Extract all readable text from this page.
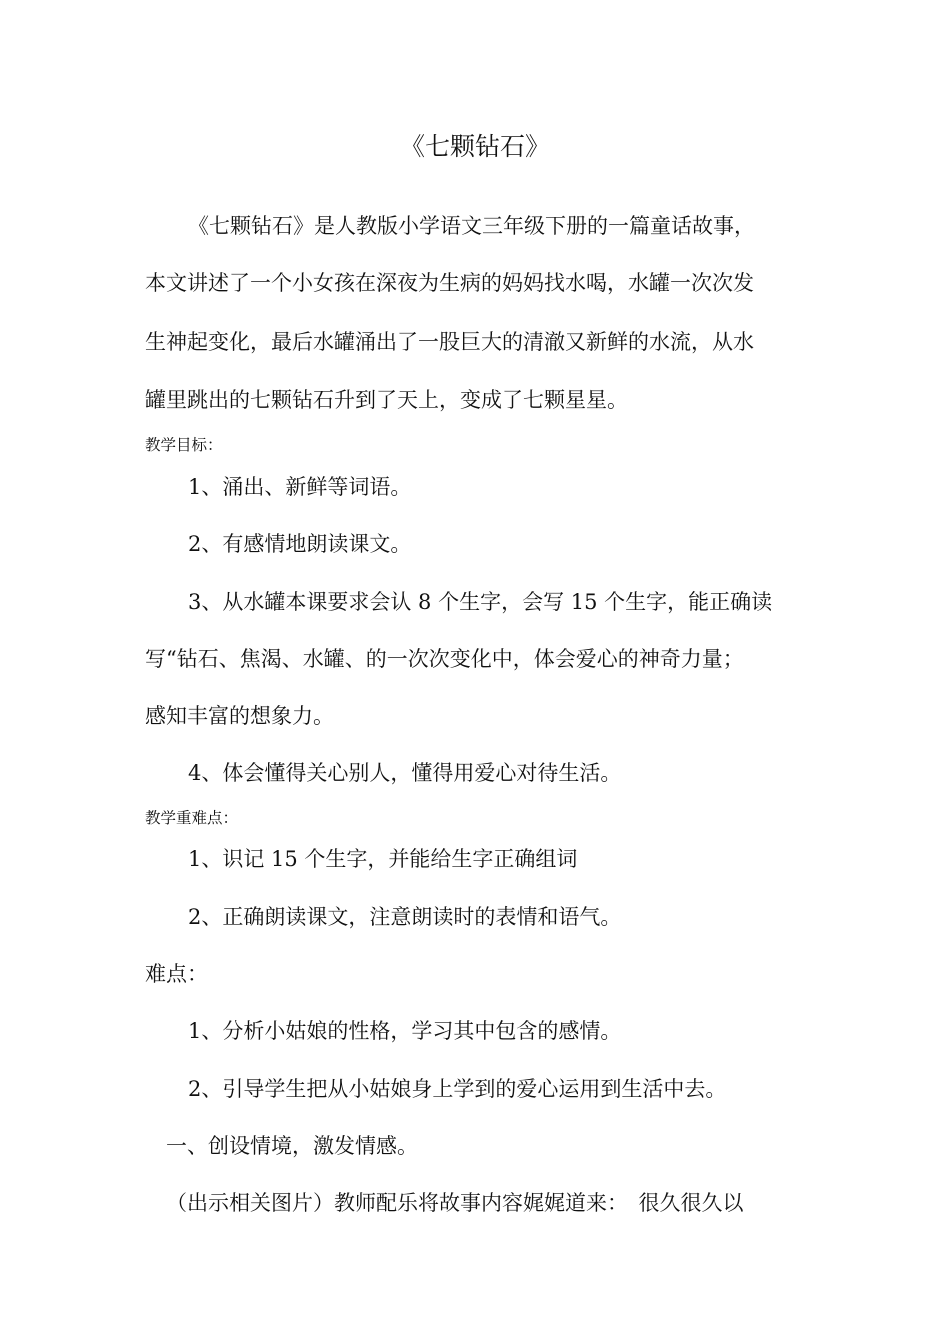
《七颗钻石》
《七颗钻石》是人教版小学语文三年级下册的一篇童话故事，
本文讲述了一个小女孩在深夜为生病的妈妈找水喝，水罐一次次发
生神起变化，最后水罐涌出了一股巨大的清澈又新鲜的水流，从水
罐里跳出的七颗钻石升到了天上，变成了七颗星星。
教学目标：
1、涌出、新鲜等词语。
2、有感情地朗读课文。
3、从水罐本课要求会认 8 个生字，会写 15 个生字，能正确读
写“钻石、焦渴、水罐、的一次次变化中，体会爱心的神奇力量；
感知丰富的想象力。
4、体会懂得关心别人，懂得用爱心对待生活。
教学重难点：
1、识记 15 个生字，并能给生字正确组词
2、正确朗读课文，注意朗读时的表情和语气。
难点：
1、分析小姑娘的性格，学习其中包含的感情。
2、引导学生把从小姑娘身上学到的爱心运用到生活中去。
一、创设情境，激发情感。
（出示相关图片）教师配乐将故事内容娓娓道来：　很久很久以
